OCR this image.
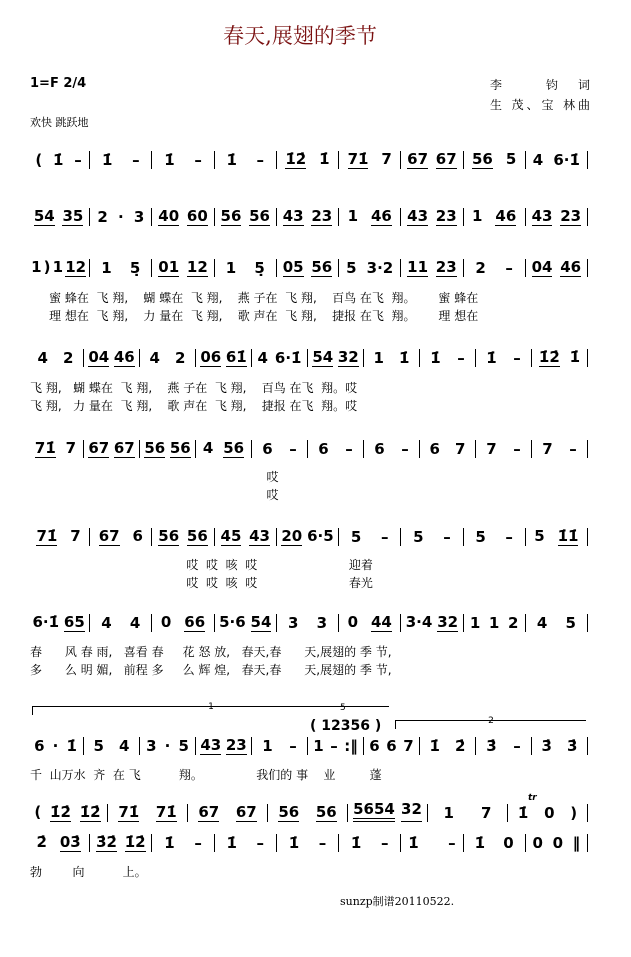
春天,展翅的季节
1=F 2/4	李 钧词
生 茂、宝 林曲
欢快 跳跃地
( 1̇ – 1̇ – 1̇ – 1̇ – 1̇2̇ 1̇ 71̇ 7 67 67 56 5 4 6·1̇
54 35 2 · 3 40 60 56 56 43 23 1 46 43 23 1 46 43 23
1 ) 1 12 1 5̣ 01 12 1 5̣ 05 56 5 3·2 11 23 2 – 04 46
蜜 蜂在  飞 翔,    蝴 蝶在  飞 翔,    燕 子在  飞 翔,    百鸟 在飞  翔。      蜜 蜂在
理 想在  飞 翔,    力 量在  飞 翔,    歌 声在  飞 翔,    捷报 在飞  翔。      理 想在
4 2 04 46 4 2 06 61̇ 4 6·1̇ 54 32 1 1̇ 1̇ – 1̇ – 1̇2̇ 1̇
飞 翔,   蝴 蝶在  飞 翔,    燕 子在  飞 翔,    百鸟 在飞  翔。哎
飞 翔,   力 量在  飞 翔,    歌 声在  飞 翔,    捷报 在飞  翔。哎
71̇ 7 67 67 56 56 4 56 6 – 6 – 6 – 6 7 7 – 7 –
哎
哎
71̇ 7 67 6 56 56 45 43 20 6·5 5 – 5 – 5 – 5 1̇1̇
哎  哎  咳  哎                        迎着
哎  哎  咳  哎                        春光
6·1̇ 65 4 4 0 66 5·6 54 3 3 0 44 3·4 32 1 1 2 4 5
春      风 春 雨,   喜看 春     花 怒 放,   春天,春      天,展翅的 季 节,
多      么 明 媚,   前程 多     么 辉 煌,   春天,春      天,展翅的 季 节,
6 · 1̇ 5 4 3 · 5 43 23 1 – 1 – :‖ 6 6 7 1̇ 2̇ 3̇ – 3̇ 3̇
千  山万水  齐  在 飞          翔。              我们的 事    业         蓬
( 1̇2̇ 1̇2̇ 71̇ 71̇ 67 67 56 56 5654 32 1 7 1̇ 0 )
2̇ 03̇ 3̇2̇ 1̇2̇ 1̇ – 1̇ – 1̇ – 1̇ – 1̇ – 1̇ 0 0 0 ‖
勃        向          上。
1
2
( 12356 )
5
tr
sunzp制谱20110522.
